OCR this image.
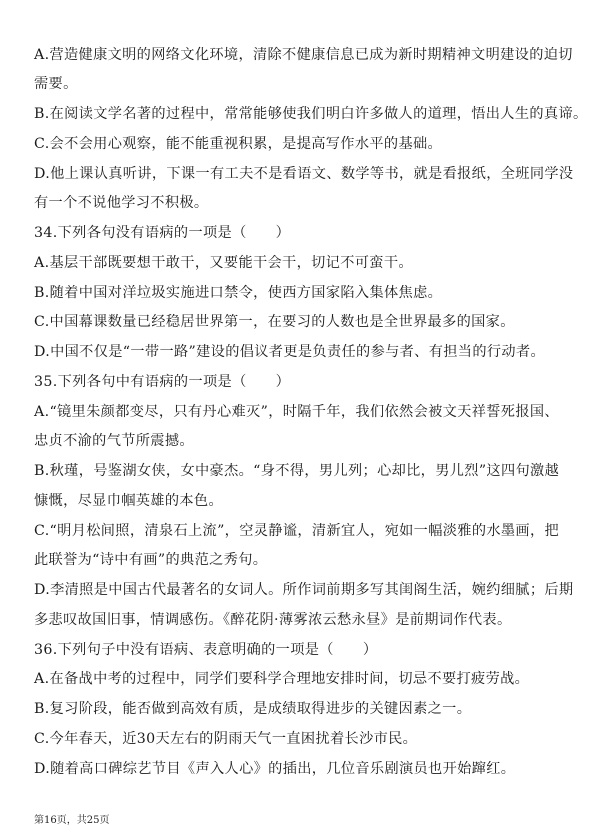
A.营造健康文明的网络文化环境，清除不健康信息已成为新时期精神文明建设的迫切
需要。
B.在阅读文学名著的过程中，常常能够使我们明白许多做人的道理，悟出人生的真谛。
C.会不会用心观察，能不能重视积累，是提高写作水平的基础。
D.他上课认真听讲，下课一有工夫不是看语文、数学等书，就是看报纸，全班同学没
有一个不说他学习不积极。
34.下列各句没有语病的一项是（　　）
A.基层干部既要想干敢干，又要能干会干，切记不可蛮干。
B.随着中国对洋垃圾实施进口禁令，使西方国家陷入集体焦虑。
C.中国幕课数量已经稳居世界第一，在要习的人数也是全世界最多的国家。
D.中国不仅是“一带一路”建设的倡议者更是负责任的参与者、有担当的行动者。
35.下列各句中有语病的一项是（　　）
A.“镜里朱颜都变尽，只有丹心难灭”，时隔千年，我们依然会被文天祥誓死报国、
忠贞不渝的气节所震撼。
B.秋瑾，号鉴湖女侠，女中豪杰。“身不得，男儿列；心却比，男儿烈”这四句激越
慷慨，尽显巾帼英雄的本色。
C.“明月松间照，清泉石上流”，空灵静谧，清新宜人，宛如一幅淡雅的水墨画，把
此联誉为“诗中有画”的典范之秀句。
D.李清照是中国古代最著名的女词人。所作词前期多写其闺阁生活，婉约细腻；后期
多悲叹故国旧事，情调感伤。《醉花阴·薄雾浓云愁永昼》是前期词作代表。
36.下列句子中没有语病、表意明确的一项是（　　）
A.在备战中考的过程中，同学们要科学合理地安排时间，切忌不要打疲劳战。
B.复习阶段，能否做到高效有质，是成绩取得进步的关键因素之一。
C.今年春天，近30天左右的阴雨天气一直困扰着长沙市民。
D.随着高口碑综艺节目《声入人心》的插出，几位音乐剧演员也开始蹿红。
第16页，共25页
